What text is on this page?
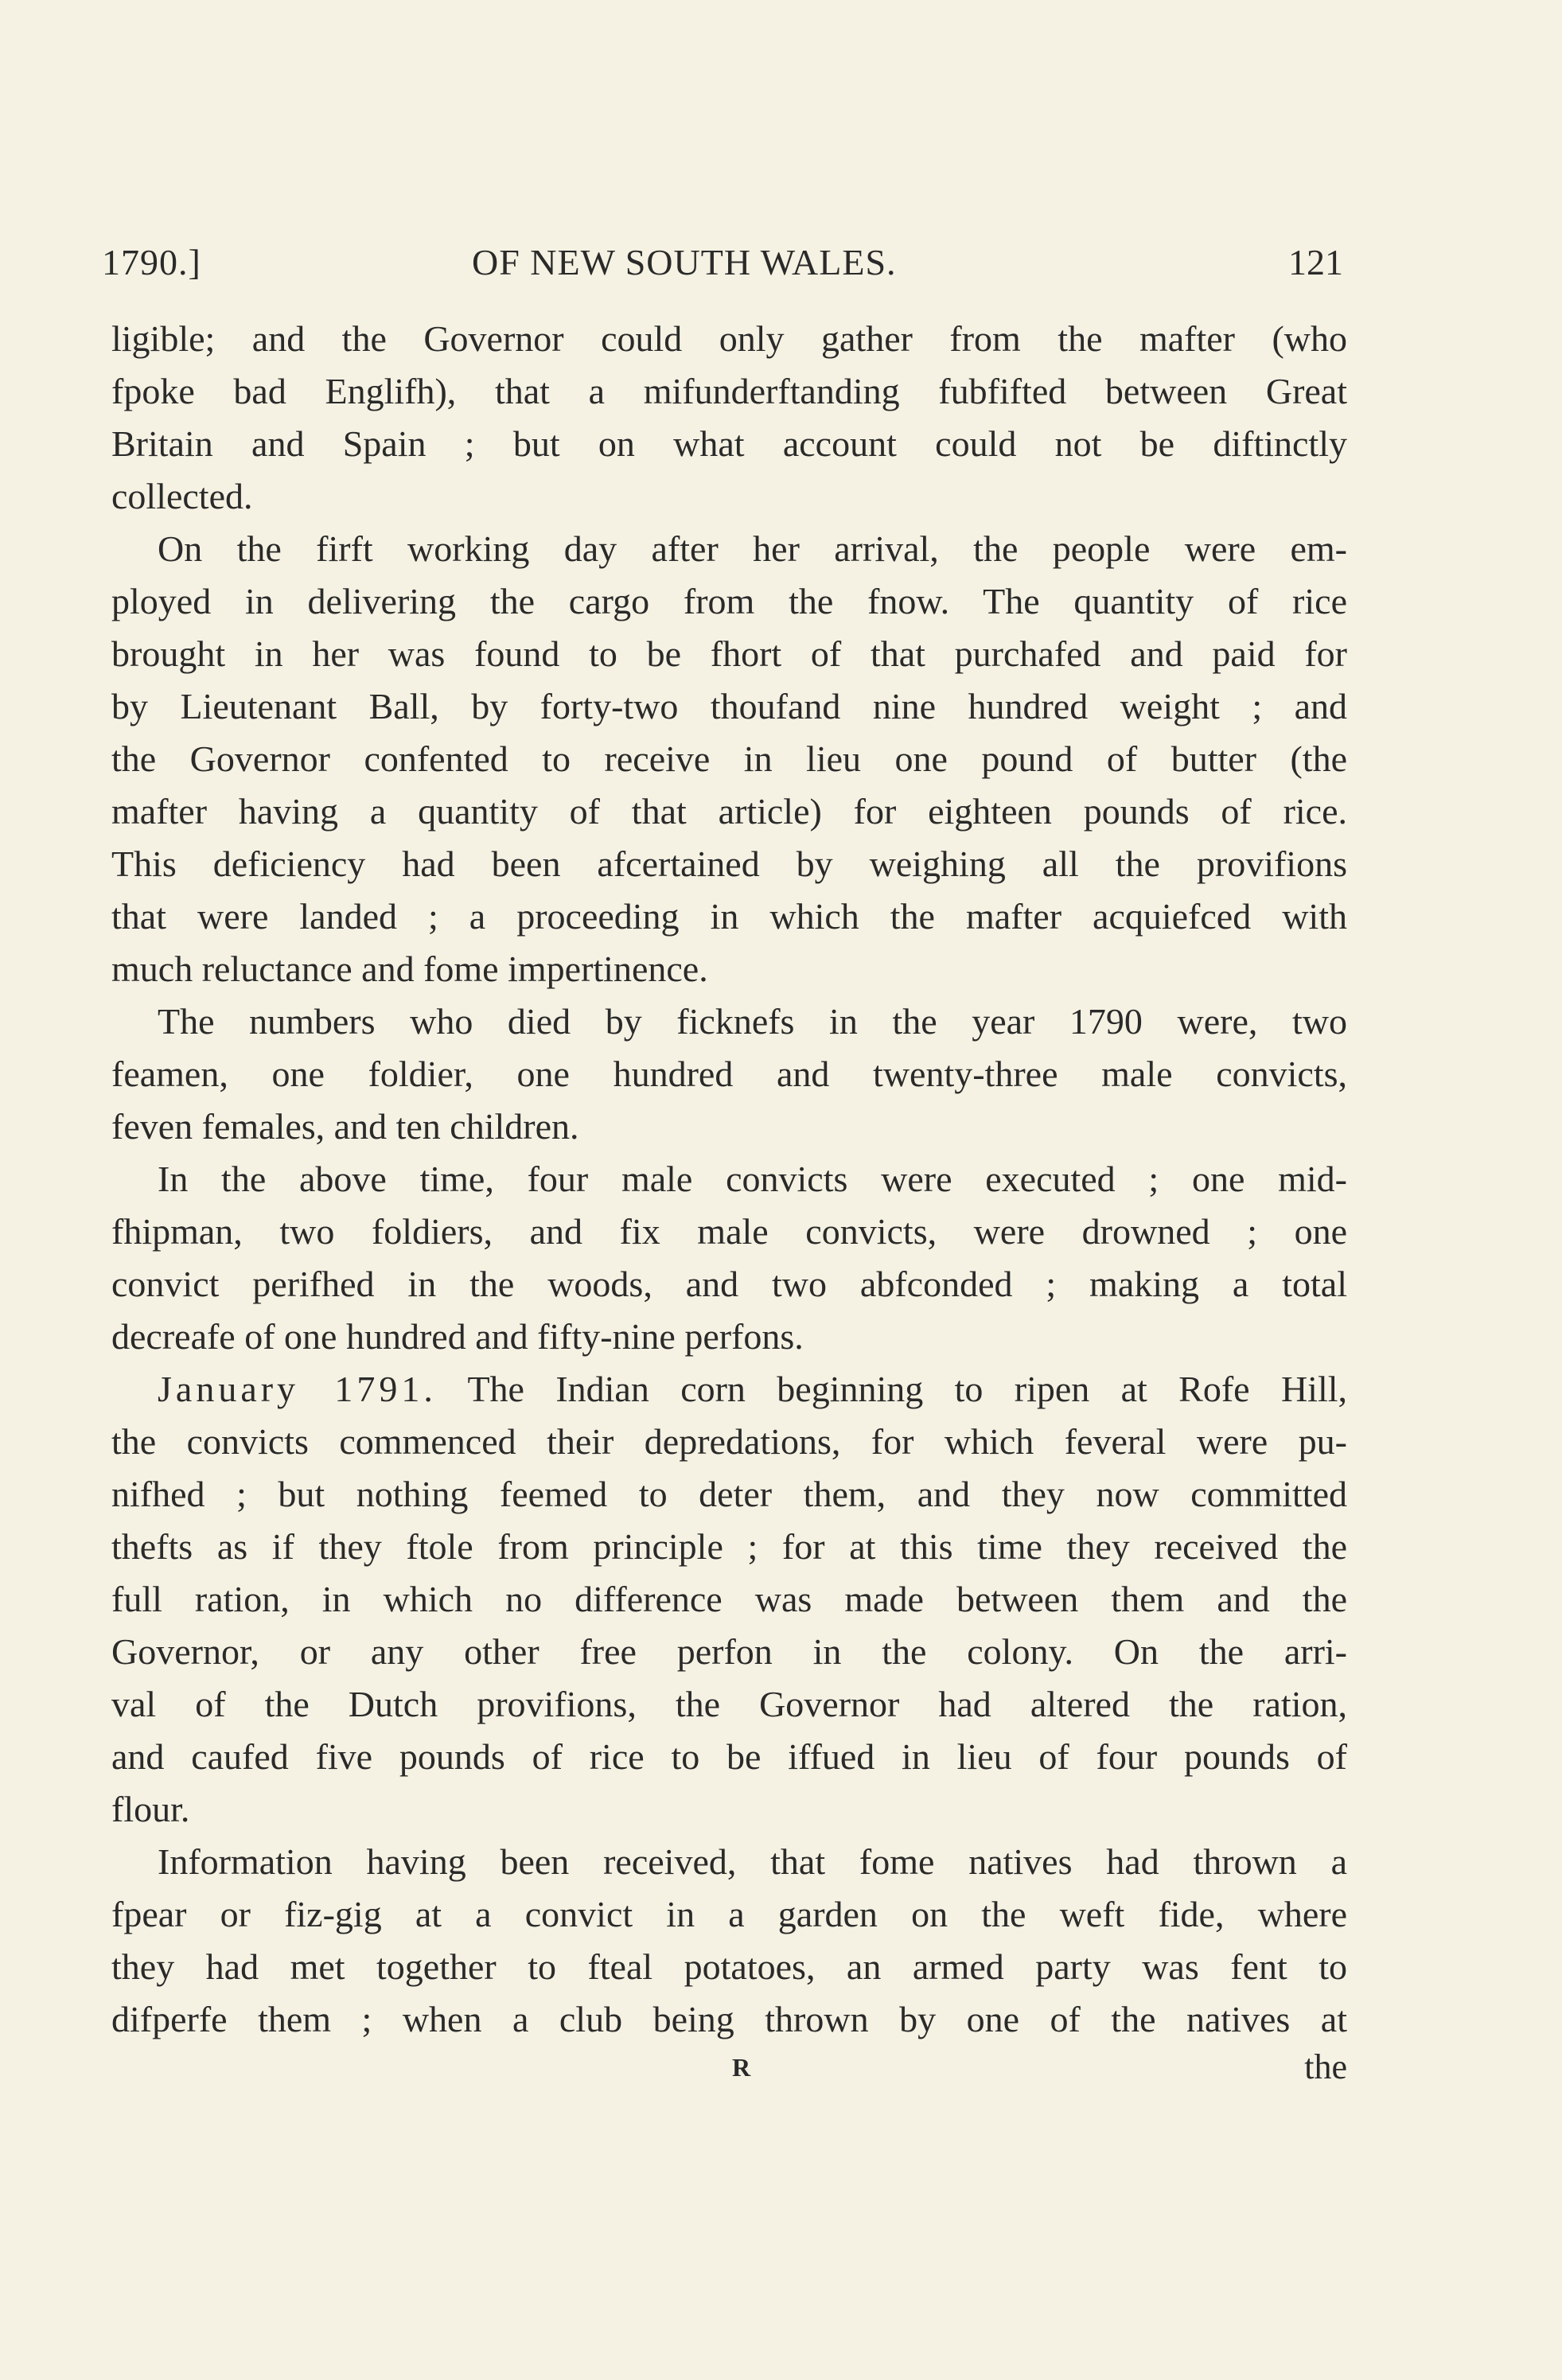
1790.]	OF NEW SOUTH WALES.	121
ligible; and the Governor could only gather from the mafter (who
fpoke bad Englifh), that a mifunderftanding fubfifted between Great
Britain and Spain ; but on what account could not be diftinctly
collected.
On the firft working day after her arrival, the people were em-
ployed in delivering the cargo from the fnow. The quantity of rice
brought in her was found to be fhort of that purchafed and paid for
by Lieutenant Ball, by forty-two thoufand nine hundred weight ; and
the Governor confented to receive in lieu one pound of butter (the
mafter having a quantity of that article) for eighteen pounds of rice.
This deficiency had been afcertained by weighing all the provifions
that were landed ; a proceeding in which the mafter acquiefced with
much reluctance and fome impertinence.
The numbers who died by ficknefs in the year 1790 were, two
feamen, one foldier, one hundred and twenty-three male convicts,
feven females, and ten children.
In the above time, four male convicts were executed ; one mid-
fhipman, two foldiers, and fix male convicts, were drowned ; one
convict perifhed in the woods, and two abfconded ; making a total
decreafe of one hundred and fifty-nine perfons.
January 1791. The Indian corn beginning to ripen at Rofe Hill,
the convicts commenced their depredations, for which feveral were pu-
nifhed ; but nothing feemed to deter them, and they now committed
thefts as if they ftole from principle ; for at this time they received the
full ration, in which no difference was made between them and the
Governor, or any other free perfon in the colony. On the arri-
val of the Dutch provifions, the Governor had altered the ration,
and caufed five pounds of rice to be iffued in lieu of four pounds of
flour.
Information having been received, that fome natives had thrown a
fpear or fiz-gig at a convict in a garden on the weft fide, where
they had met together to fteal potatoes, an armed party was fent to
difperfe them ; when a club being thrown by one of the natives at
R	the
